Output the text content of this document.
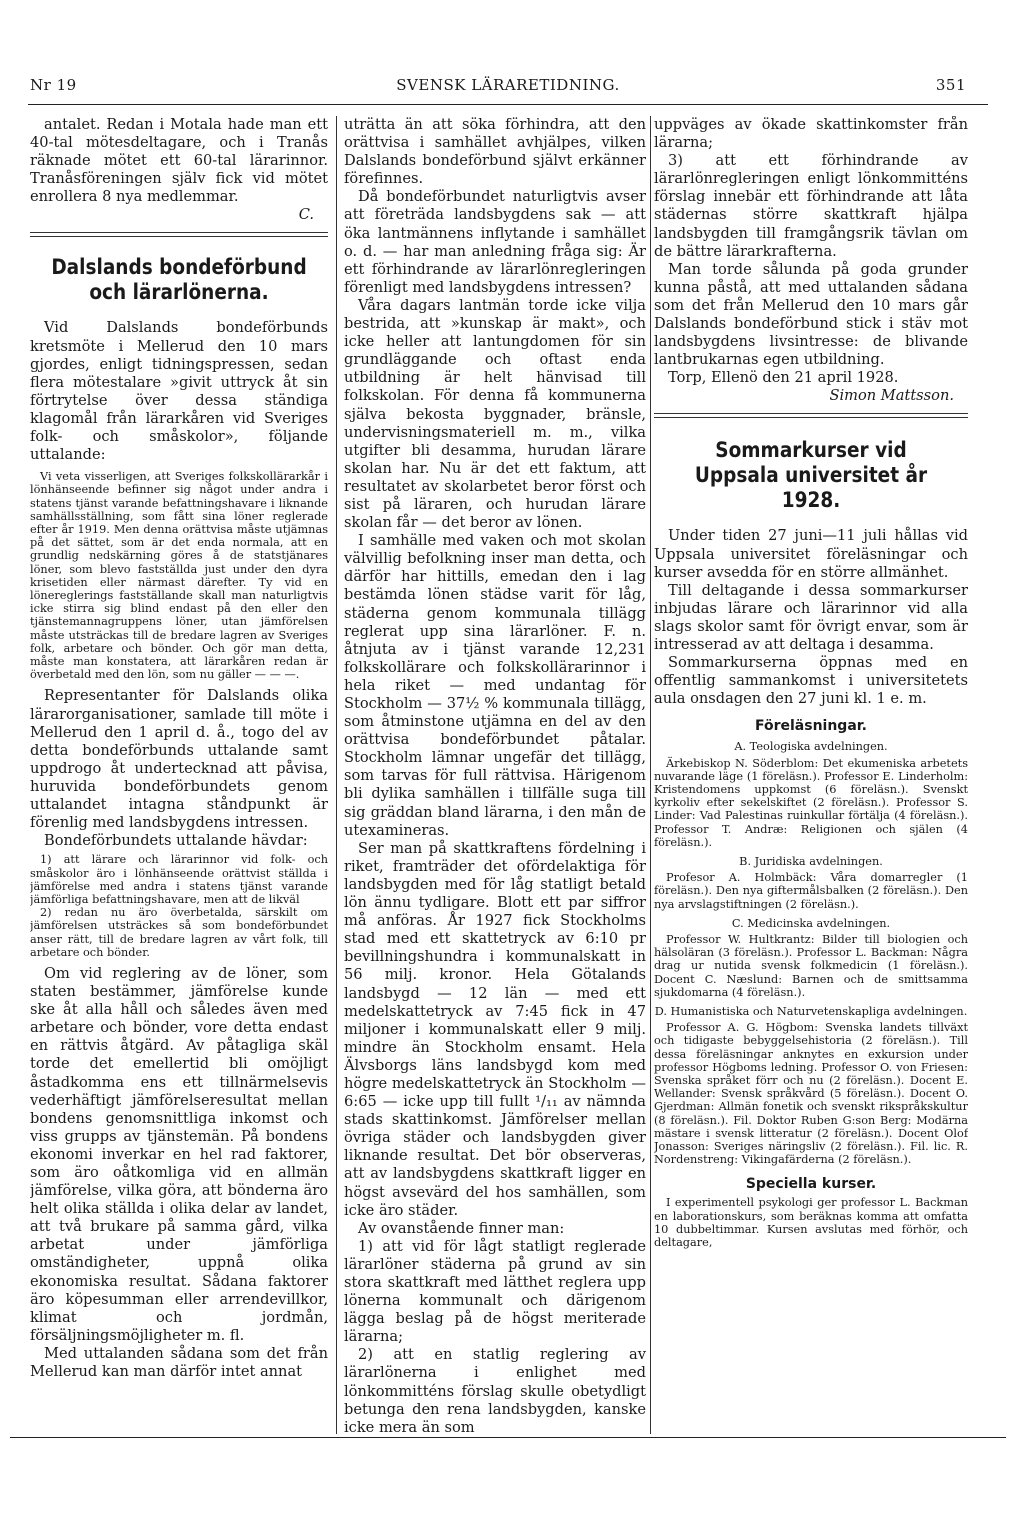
Nr 19	SVENSK LÄRARETIDNING.	351

antalet. Redan i Motala hade man ett 40-tal mötesdeltagare, och i Tranås räknade mötet ett 60-tal lärarinnor. Tranåsföreningen själv fick vid mötet enrollera 8 nya medlemmar.

C.
Dalslands bondeförbund och lärarlönerna.

Vid Dalslands bondeförbunds kretsmöte i Mellerud den 10 mars gjordes, enligt tidningspressen, sedan flera mötestalare »givit uttryck åt sin förtrytelse över dessa ständiga klagomål från lärarkåren vid Sveriges folk- och småskolor», följande uttalande:

Vi veta visserligen, att Sveriges folkskollärarkår i lönhänseende befinner sig något under andra i statens tjänst varande befattningshavare i liknande samhällsställning, som fått sina löner reglerade efter år 1919. Men denna orättvisa måste utjämnas på det sättet, som är det enda normala, att en grundlig nedskärning göres å de statstjänares löner, som blevo fastställda just under den dyra krisetiden eller närmast därefter. Ty vid en lönereglerings fastställande skall man naturligtvis icke stirra sig blind endast på den eller den tjänstemannagruppens löner, utan jämförelsen måste utsträckas till de bredare lagren av Sveriges folk, arbetare och bönder. Och gör man detta, måste man konstatera, att lärarkåren redan är överbetald med den lön, som nu gäller — — —.

Representanter för Dalslands olika lärarorganisationer, samlade till möte i Mellerud den 1 april d. å., togo del av detta bondeförbunds uttalande samt uppdrogo åt undertecknad att påvisa, huruvida bondeförbundets genom uttalandet intagna ståndpunkt är förenlig med landsbygdens intressen.

Bondeförbundets uttalande hävdar:

1) att lärare och lärarinnor vid folk- och småskolor äro i lönhänseende orättvist ställda i jämförelse med andra i statens tjänst varande jämförliga befattningshavare, men att de likväl

2) redan nu äro överbetalda, särskilt om jämförelsen utsträckes så som bondeförbundet anser rätt, till de bredare lagren av vårt folk, till arbetare och bönder.

Om vid reglering av de löner, som staten bestämmer, jämförelse kunde ske åt alla håll och således även med arbetare och bönder, vore detta endast en rättvis åtgärd. Av påtagliga skäl torde det emellertid bli omöjligt åstadkomma ens ett tillnärmelsevis vederhäftigt jämförelseresultat mellan bondens genomsnittliga inkomst och viss grupps av tjänstemän. På bondens ekonomi inverkar en hel rad faktorer, som äro oåtkomliga vid en allmän jämförelse, vilka göra, att bönderna äro helt olika ställda i olika delar av landet, att två brukare på samma gård, vilka arbetat under jämförliga omständigheter, uppnå olika ekonomiska resultat. Sådana faktorer äro köpesumman eller arrendevillkor, klimat och jordmån, försäljningsmöjligheter m. fl.

Med uttalanden sådana som det från Mellerud kan man därför intet annat

uträtta än att söka förhindra, att den orättvisa i samhället avhjälpes, vilken Dalslands bondeförbund självt erkänner förefinnes.

Då bondeförbundet naturligtvis avser att företräda landsbygdens sak — att öka lantmännens inflytande i samhället o. d. — har man anledning fråga sig: Är ett förhindrande av lärarlönregleringen förenligt med landsbygdens intressen?

Våra dagars lantmän torde icke vilja bestrida, att »kunskap är makt», och icke heller att lantungdomen för sin grundläggande och oftast enda utbildning är helt hänvisad till folkskolan. För denna få kommunerna själva bekosta byggnader, bränsle, undervisningsmateriell m. m., vilka utgifter bli desamma, hurudan lärare skolan har. Nu är det ett faktum, att resultatet av skolarbetet beror först och sist på läraren, och hurudan lärare skolan får — det beror av lönen.

I samhälle med vaken och mot skolan välvillig befolkning inser man detta, och därför har hittills, emedan den i lag bestämda lönen städse varit för låg, städerna genom kommunala tillägg reglerat upp sina lärarlöner. F. n. åtnjuta av i tjänst varande 12,231 folkskollärare och folkskollärarinnor i hela riket — med undantag för Stockholm — 37½ % kommunala tillägg, som åtminstone utjämna en del av den orättvisa bondeförbundet påtalar. Stockholm lämnar ungefär det tillägg, som tarvas för full rättvisa. Härigenom bli dylika samhällen i tillfälle suga till sig gräddan bland lärarna, i den mån de utexamineras.

Ser man på skattkraftens fördelning i riket, framträder det ofördelaktiga för landsbygden med för låg statligt betald lön ännu tydligare. Blott ett par siffror må anföras. År 1927 fick Stockholms stad med ett skattetryck av 6:10 pr bevillningshundra i kommunalskatt in 56 milj. kronor. Hela Götalands landsbygd — 12 län — med ett medelskattetryck av 7:45 fick in 47 miljoner i kommunalskatt eller 9 milj. mindre än Stockholm ensamt. Hela Älvsborgs läns landsbygd kom med högre medelskattetryck än Stockholm — 6:65 — icke upp till fullt ¹/₁₁ av nämnda stads skattinkomst. Jämförelser mellan övriga städer och landsbygden giver liknande resultat. Det bör observeras, att av landsbygdens skattkraft ligger en högst avsevärd del hos samhällen, som icke äro städer.

Av ovanstående finner man:

1) att vid för lågt statligt reglerade lärarlöner städerna på grund av sin stora skattkraft med lätthet reglera upp lönerna kommunalt och därigenom lägga beslag på de högst meriterade lärarna;

2) att en statlig reglering av lärarlönerna i enlighet med lönkommitténs förslag skulle obetydligt betunga den rena landsbygden, kanske icke mera än som

uppväges av ökade skattinkomster från lärarna;

3) att ett förhindrande av lärarlönregleringen enligt lönkommitténs förslag innebär ett förhindrande att låta städernas större skattkraft hjälpa landsbygden till framgångsrik tävlan om de bättre lärarkrafterna.

Man torde sålunda på goda grunder kunna påstå, att med uttalanden sådana som det från Mellerud den 10 mars går Dalslands bondeförbund stick i stäv mot landsbygdens livsintresse: de blivande lantbrukarnas egen utbildning.

Torp, Ellenö den 21 april 1928.

Simon Mattsson.
Sommarkurser vid Uppsala universitet år 1928.

Under tiden 27 juni—11 juli hållas vid Uppsala universitet föreläsningar och kurser avsedda för en större allmänhet.

Till deltagande i dessa sommarkurser inbjudas lärare och lärarinnor vid alla slags skolor samt för övrigt envar, som är intresserad av att deltaga i desamma.

Sommarkurserna öppnas med en offentlig sammankomst i universitetets aula onsdagen den 27 juni kl. 1 e. m.

Föreläsningar.
A. Teologiska avdelningen.

Ärkebiskop N. Söderblom: Det ekumeniska arbetets nuvarande läge (1 föreläsn.). Professor E. Linderholm: Kristendomens uppkomst (6 föreläsn.). Svenskt kyrkoliv efter sekelskiftet (2 föreläsn.). Professor S. Linder: Vad Palestinas ruinkullar förtälja (4 föreläsn.). Professor T. Andræ: Religionen och själen (4 föreläsn.).

B. Juridiska avdelningen.

Profesor A. Holmbäck: Våra domarregler (1 föreläsn.). Den nya giftermålsbalken (2 föreläsn.). Den nya arvslagstiftningen (2 föreläsn.).

C. Medicinska avdelningen.

Professor W. Hultkrantz: Bilder till biologien och hälsoläran (3 föreläsn.). Professor L. Backman: Några drag ur nutida svensk folkmedicin (1 föreläsn.). Docent C. Næslund: Barnen och de smittsamma sjukdomarna (4 föreläsn.).

D. Humanistiska och Naturvetenskapliga avdelningen.

Professor A. G. Högbom: Svenska landets tillväxt och tidigaste bebyggelsehistoria (2 föreläsn.). Till dessa föreläsningar anknytes en exkursion under professor Högboms ledning. Professor O. von Friesen: Svenska språket förr och nu (2 föreläsn.). Docent E. Wellander: Svensk språkvård (5 föreläsn.). Docent O. Gjerdman: Allmän fonetik och svenskt rikspråkskultur (8 föreläsn.). Fil. Doktor Ruben G:son Berg: Modärna mästare i svensk litteratur (2 föreläsn.). Docent Olof Jonasson: Sveriges näringsliv (2 föreläsn.). Fil. lic. R. Nordenstreng: Vikingafärderna (2 föreläsn.).

Speciella kurser.

I experimentell psykologi ger professor L. Backman en laborationskurs, som beräknas komma att omfatta 10 dubbeltimmar. Kursen avslutas med förhör, och deltagare,
